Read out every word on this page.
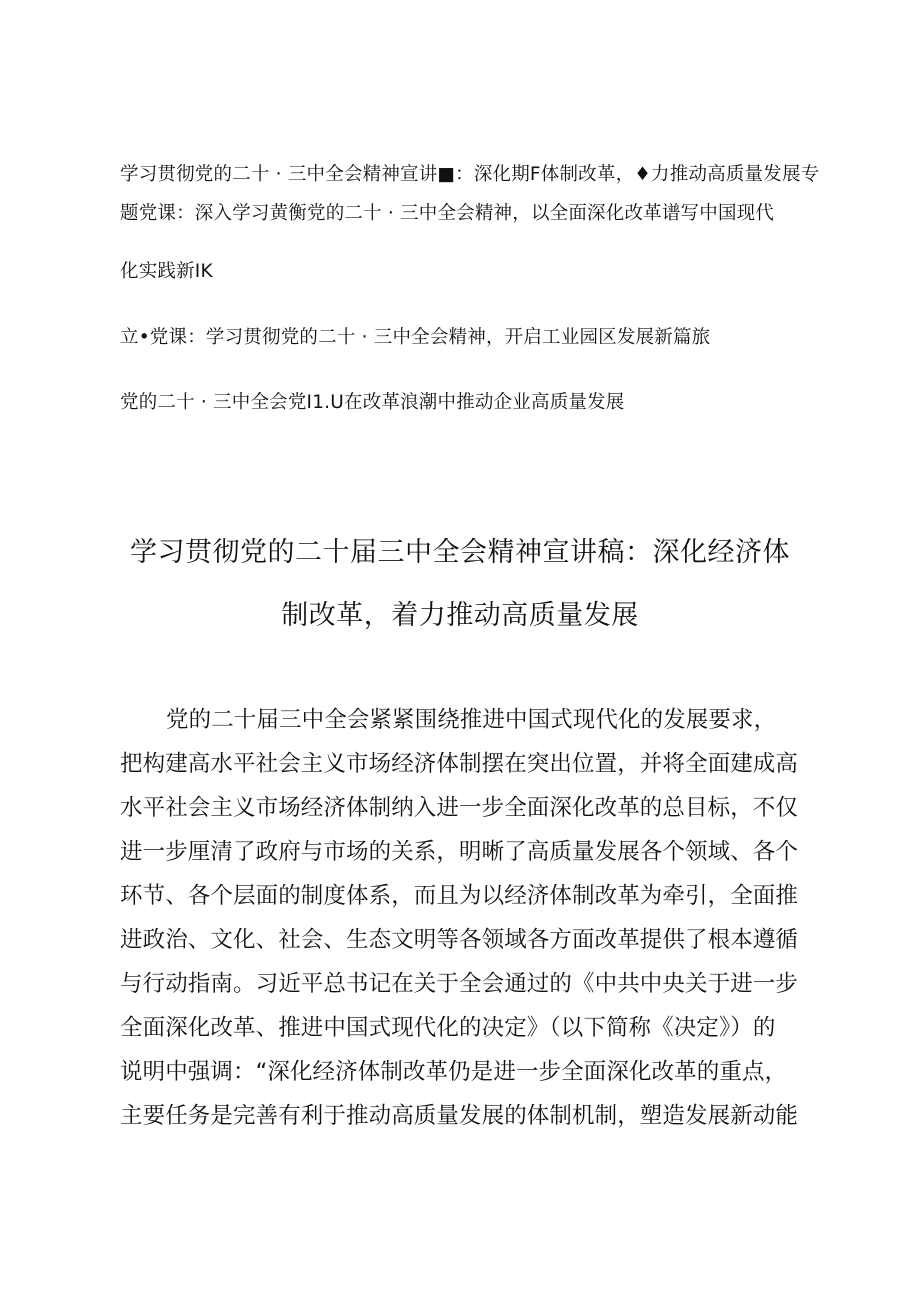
学习贯彻党的二十 · 三中全会精神宣讲■：深化期F体制改革，♦力推动高质量发展专
题党课：深入学习黄衡党的二十 · 三中全会精神，以全面深化改革谱写中国现代
化实践新IK
立•党课：学习贯彻党的二十 · 三中全会精神，开启工业园区发展新篇旅
党的二十 · 三中全会党I1.U在改革浪潮中推动企业高质量发展
学习贯彻党的二十届三中全会精神宣讲稿：深化经济体
制改革，着力推动高质量发展
党的二十届三中全会紧紧围绕推进中国式现代化的发展要求，
把构建高水平社会主义市场经济体制摆在突出位置，并将全面建成高
水平社会主义市场经济体制纳入进一步全面深化改革的总目标，不仅
进一步厘清了政府与市场的关系，明晰了高质量发展各个领域、各个
环节、各个层面的制度体系，而且为以经济体制改革为牵引，全面推
进政治、文化、社会、生态文明等各领域各方面改革提供了根本遵循
与行动指南。习近平总书记在关于全会通过的《中共中央关于进一步
全面深化改革、推进中国式现代化的决定》（以下简称《决定》）的
说明中强调：“深化经济体制改革仍是进一步全面深化改革的重点，
主要任务是完善有利于推动高质量发展的体制机制，塑造发展新动能
